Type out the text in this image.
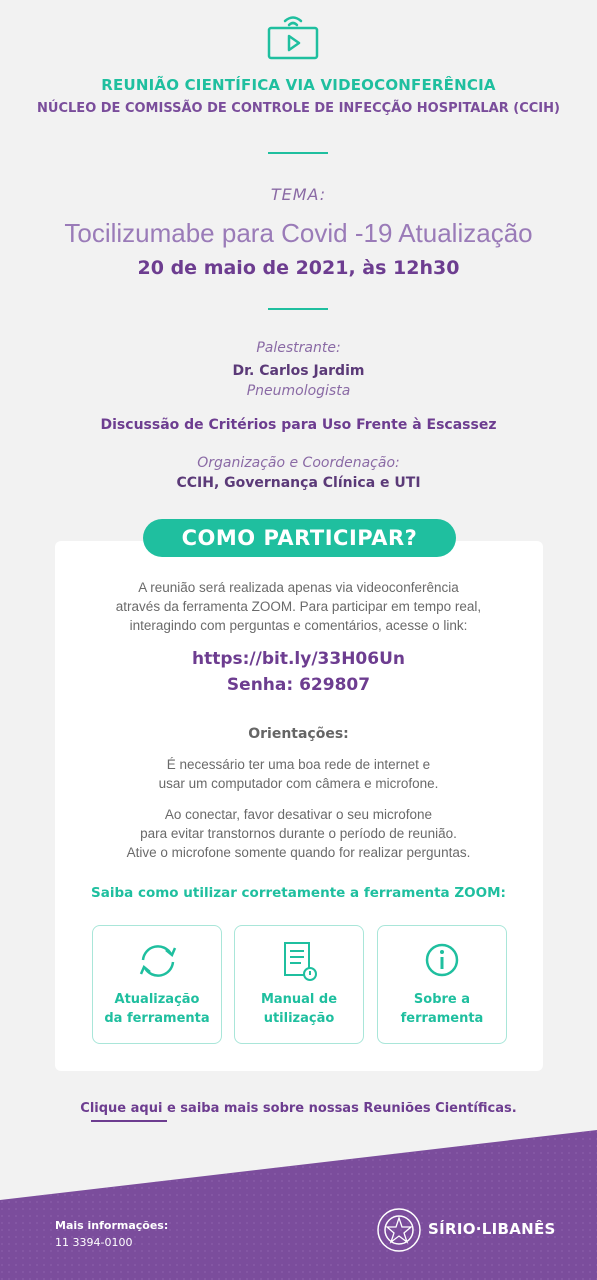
REUNIÃO CIENTÍFICA VIA VIDEOCONFERÊNCIA
NÚCLEO DE COMISSÃO DE CONTROLE DE INFECÇÃO HOSPITALAR (CCIH)
TEMA:
Tocilizumabe para Covid -19 Atualização
20 de maio de 2021, às 12h30
Palestrante:
Dr. Carlos Jardim
Pneumologista
Discussão de Critérios para Uso Frente à Escassez
Organização e Coordenação:
CCIH, Governança Clínica e UTI
COMO PARTICIPAR?
A reunião será realizada apenas via videoconferência
através da ferramenta ZOOM. Para participar em tempo real,
interagindo com perguntas e comentários, acesse o link:
https://bit.ly/33H06Un
Senha: 629807
Orientações:
É necessário ter uma boa rede de internet e
usar um computador com câmera e microfone.
Ao conectar, favor desativar o seu microfone
para evitar transtornos durante o período de reunião.
Ative o microfone somente quando for realizar perguntas.
Saiba como utilizar corretamente a ferramenta ZOOM:
Atualização
da ferramenta
Manual de
utilização
Sobre a
ferramenta
Clique aqui e saiba mais sobre nossas Reuniões Científicas.
Mais informações:
11 3394-0100
SÍRIO·LIBANÊS
